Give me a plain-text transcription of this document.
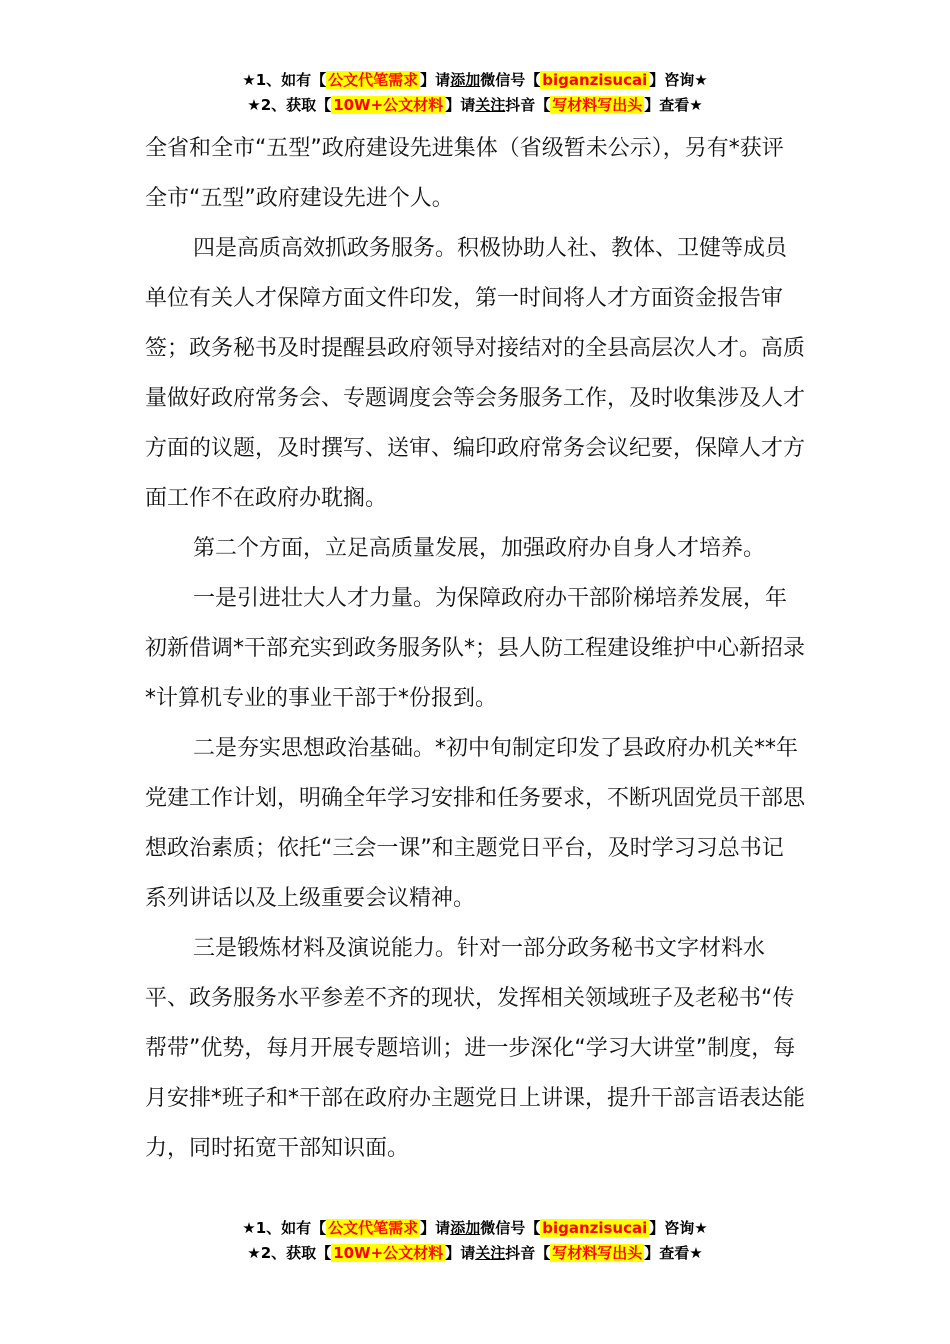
★1、如有【 公文代笔需求 】请添加微信号【 biganzisucai 】咨询★
★2、获取【 10W+公文材料 】请关注抖音【 写材料写出头 】查看★

全省和全市“五型”政府建设先进集体（省级暂未公示），另有*获评全市“五型”政府建设先进个人。

四是高质高效抓政务服务。积极协助人社、教体、卫健等成员单位有关人才保障方面文件印发，第一时间将人才方面资金报告审签；政务秘书及时提醒县政府领导对接结对的全县高层次人才。高质量做好政府常务会、专题调度会等会务服务工作，及时收集涉及人才方面的议题，及时撰写、送审、编印政府常务会议纪要，保障人才方面工作不在政府办耽搁。

第二个方面，立足高质量发展，加强政府办自身人才培养。

一是引进壮大人才力量。为保障政府办干部阶梯培养发展，年初新借调*干部充实到政务服务队*；县人防工程建设维护中心新招录*计算机专业的事业干部于*份报到。

二是夯实思想政治基础。*初中旬制定印发了县政府办机关**年党建工作计划，明确全年学习安排和任务要求，不断巩固党员干部思想政治素质；依托“三会一课”和主题党日平台，及时学习习总书记系列讲话以及上级重要会议精神。

三是锻炼材料及演说能力。针对一部分政务秘书文字材料水平、政务服务水平参差不齐的现状，发挥相关领域班子及老秘书“传帮带”优势，每月开展专题培训；进一步深化“学习大讲堂”制度，每月安排*班子和*干部在政府办主题党日上讲课，提升干部言语表达能力，同时拓宽干部知识面。

★1、如有【 公文代笔需求 】请添加微信号【 biganzisucai 】咨询★
★2、获取【 10W+公文材料 】请关注抖音【 写材料写出头 】查看★
